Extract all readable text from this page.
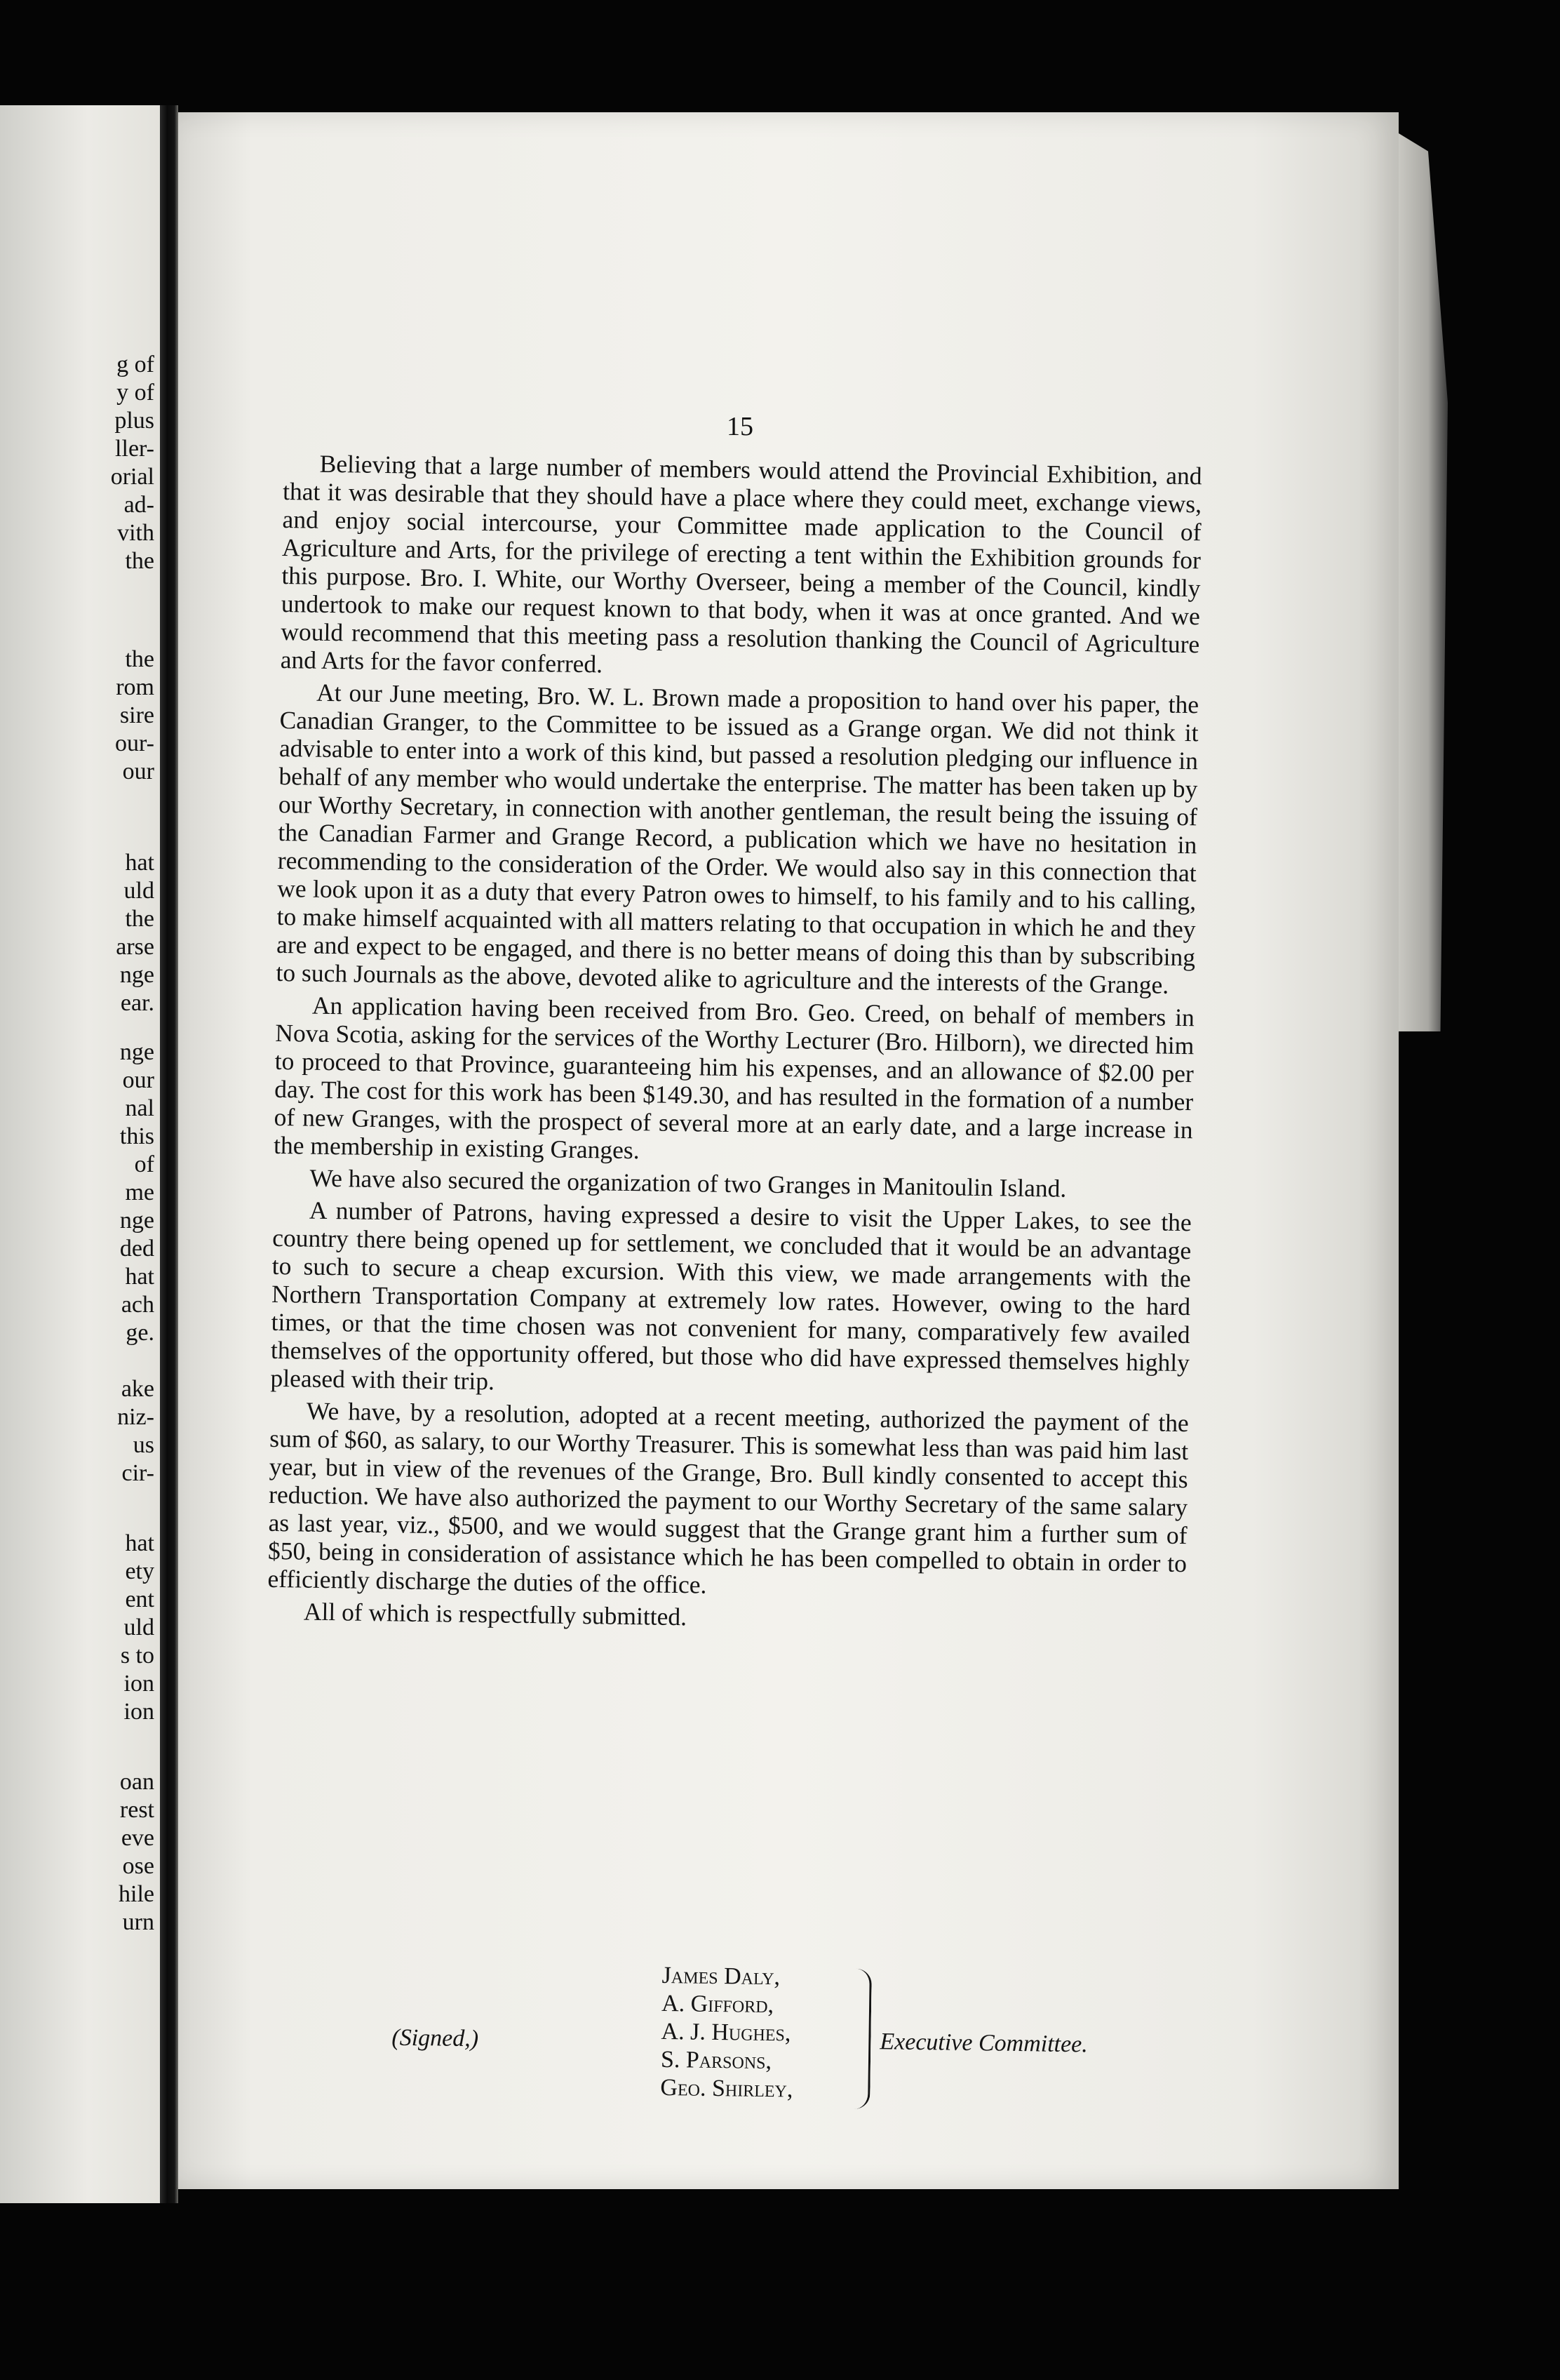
g of
y of
plus
ller-
orial
ad-
vith
the
the
rom
sire
our-
our
hat
uld
the
arse
nge
ear.
nge
our
nal
this
of
me
nge
ded
hat
ach
ge.
ake
niz-
us
cir-
hat
ety
ent
uld
s to
ion
ion
oan
rest
eve
ose
hile
urn
15

Believing that a large number of members would attend the Provincial Exhibition, and that it was desirable that they should have a place where they could meet, exchange views, and enjoy social intercourse, your Committee made application to the Council of Agriculture and Arts, for the privilege of erecting a tent within the Exhibition grounds for this purpose. Bro. I. White, our Worthy Overseer, being a member of the Council, kindly undertook to make our request known to that body, when it was at once granted. And we would recommend that this meeting pass a resolution thanking the Council of Agriculture and Arts for the favor conferred.

At our June meeting, Bro. W. L. Brown made a proposition to hand over his paper, the Canadian Granger, to the Committee to be issued as a Grange organ. We did not think it advisable to enter into a work of this kind, but passed a resolution pledging our influence in behalf of any member who would undertake the enterprise. The matter has been taken up by our Worthy Secretary, in connection with another gentleman, the result being the issuing of the Canadian Farmer and Grange Record, a publication which we have no hesitation in recommending to the consideration of the Order. We would also say in this connection that we look upon it as a duty that every Patron owes to himself, to his family and to his calling, to make himself acquainted with all matters relating to that occupation in which he and they are and expect to be engaged, and there is no better means of doing this than by subscribing to such Journals as the above, devoted alike to agriculture and the interests of the Grange.

An application having been received from Bro. Geo. Creed, on behalf of members in Nova Scotia, asking for the services of the Worthy Lecturer (Bro. Hilborn), we directed him to proceed to that Province, guaranteeing him his expenses, and an allowance of $2.00 per day. The cost for this work has been $149.30, and has resulted in the formation of a number of new Granges, with the prospect of several more at an early date, and a large increase in the membership in existing Granges.

We have also secured the organization of two Granges in Manitoulin Island.

A number of Patrons, having expressed a desire to visit the Upper Lakes, to see the country there being opened up for settlement, we concluded that it would be an advantage to such to secure a cheap excursion. With this view, we made arrangements with the Northern Transportation Company at extremely low rates. However, owing to the hard times, or that the time chosen was not convenient for many, comparatively few availed themselves of the opportunity offered, but those who did have expressed themselves highly pleased with their trip.

We have, by a resolution, adopted at a recent meeting, authorized the payment of the sum of $60, as salary, to our Worthy Treasurer. This is somewhat less than was paid him last year, but in view of the revenues of the Grange, Bro. Bull kindly consented to accept this reduction. We have also authorized the payment to our Worthy Secretary of the same salary as last year, viz., $500, and we would suggest that the Grange grant him a further sum of $50, being in consideration of assistance which he has been compelled to obtain in order to efficiently discharge the duties of the office.

All of which is respectfully submitted.

(Signed,)
James Daly,
A. Gifford,
A. J. Hughes,
S. Parsons,
Geo. Shirley,
Executive Committee.
